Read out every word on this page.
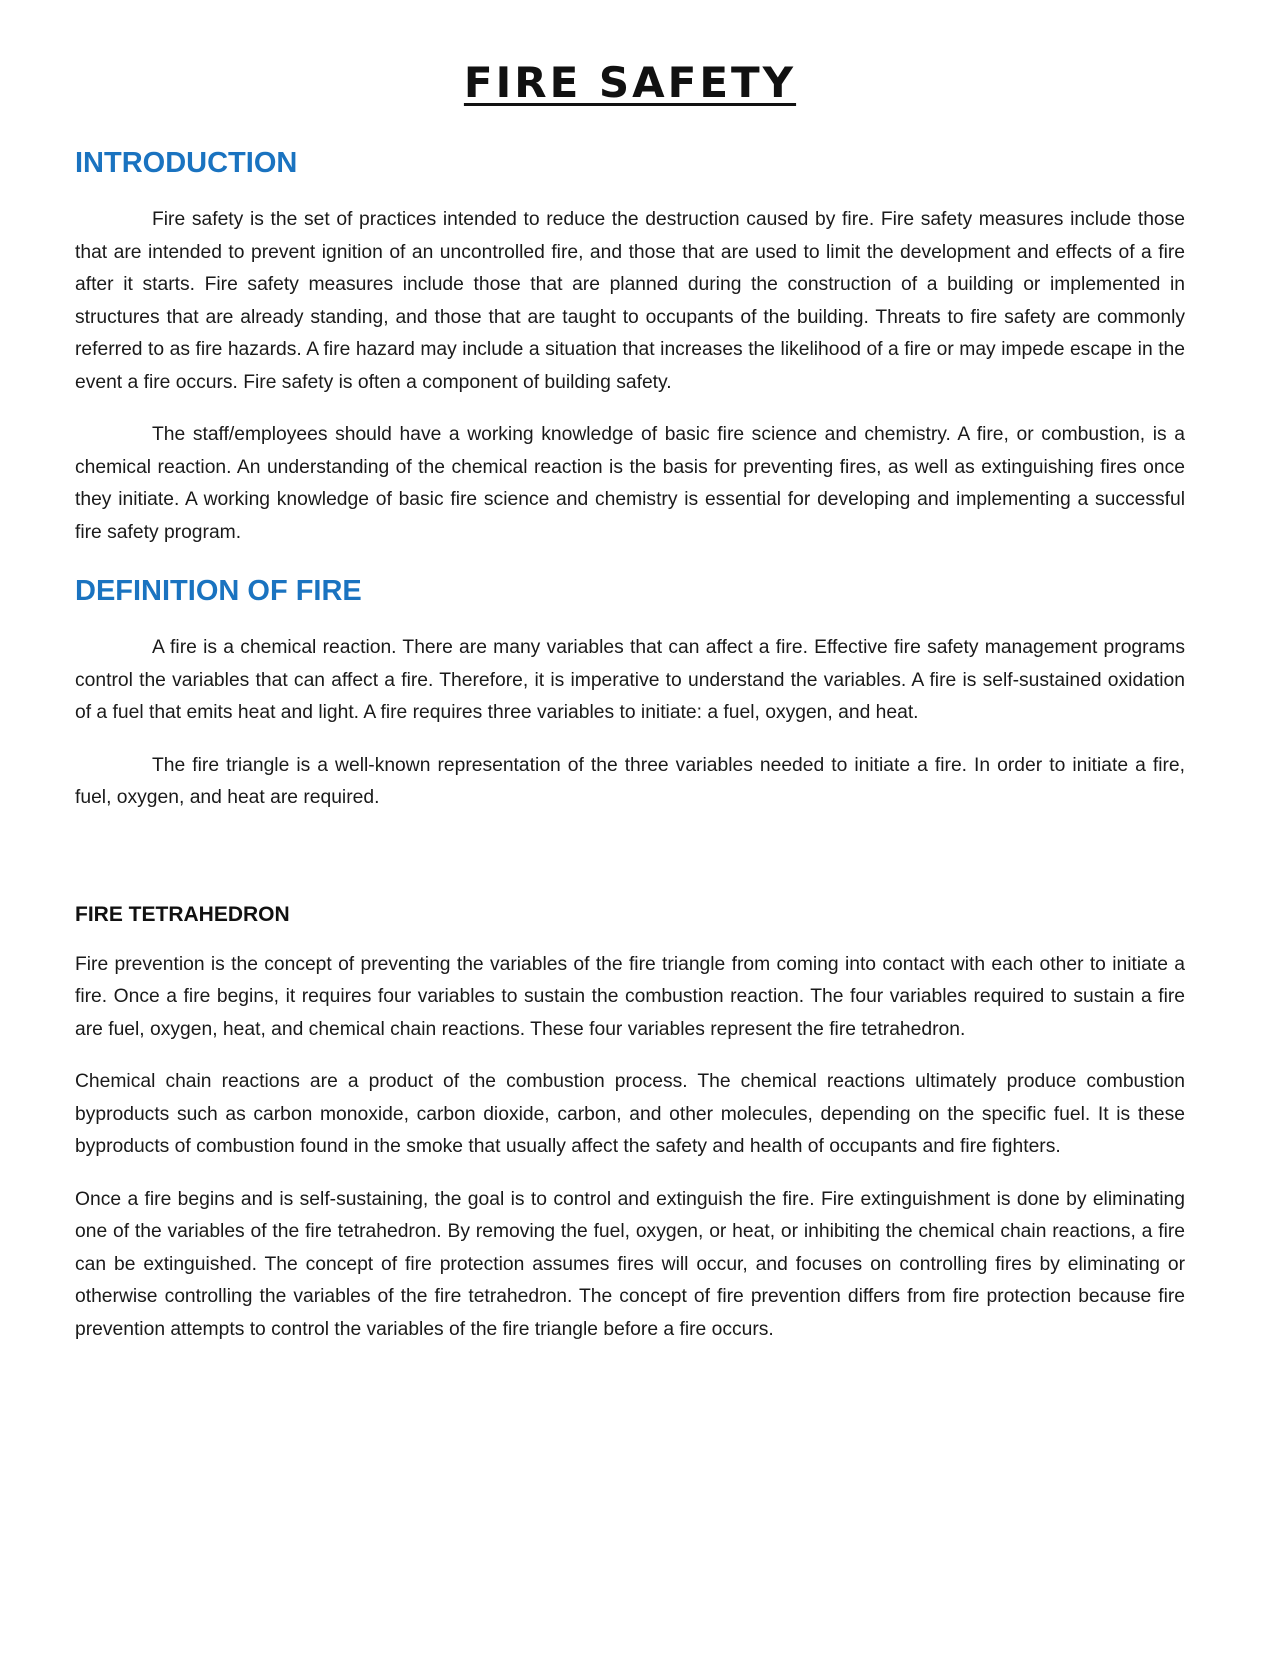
FIRE SAFETY
INTRODUCTION

Fire safety is the set of practices intended to reduce the destruction caused by fire. Fire safety measures include those that are intended to prevent ignition of an uncontrolled fire, and those that are used to limit the development and effects of a fire after it starts. Fire safety measures include those that are planned during the construction of a building or implemented in structures that are already standing, and those that are taught to occupants of the building. Threats to fire safety are commonly referred to as fire hazards. A fire hazard may include a situation that increases the likelihood of a fire or may impede escape in the event a fire occurs. Fire safety is often a component of building safety.

The staff/employees should have a working knowledge of basic fire science and chemistry. A fire, or combustion, is a chemical reaction. An understanding of the chemical reaction is the basis for preventing fires, as well as extinguishing fires once they initiate. A working knowledge of basic fire science and chemistry is essential for developing and implementing a successful fire safety program.

DEFINITION OF FIRE

A fire is a chemical reaction. There are many variables that can affect a fire. Effective fire safety management programs control the variables that can affect a fire. Therefore, it is imperative to understand the variables. A fire is self-sustained oxidation of a fuel that emits heat and light. A fire requires three variables to initiate: a fuel, oxygen, and heat.

The fire triangle is a well-known representation of the three variables needed to initiate a fire. In order to initiate a fire, fuel, oxygen, and heat are required.

FIRE TETRAHEDRON

Fire prevention is the concept of preventing the variables of the fire triangle from coming into contact with each other to initiate a fire. Once a fire begins, it requires four variables to sustain the combustion reaction. The four variables required to sustain a fire are fuel, oxygen, heat, and chemical chain reactions. These four variables represent the fire tetrahedron.

Chemical chain reactions are a product of the combustion process. The chemical reactions ultimately produce combustion byproducts such as carbon monoxide, carbon dioxide, carbon, and other molecules, depending on the specific fuel. It is these byproducts of combustion found in the smoke that usually affect the safety and health of occupants and fire fighters.

Once a fire begins and is self-sustaining, the goal is to control and extinguish the fire. Fire extinguishment is done by eliminating one of the variables of the fire tetrahedron. By removing the fuel, oxygen, or heat, or inhibiting the chemical chain reactions, a fire can be extinguished. The concept of fire protection assumes fires will occur, and focuses on controlling fires by eliminating or otherwise controlling the variables of the fire tetrahedron. The concept of fire prevention differs from fire protection because fire prevention attempts to control the variables of the fire triangle before a fire occurs.
